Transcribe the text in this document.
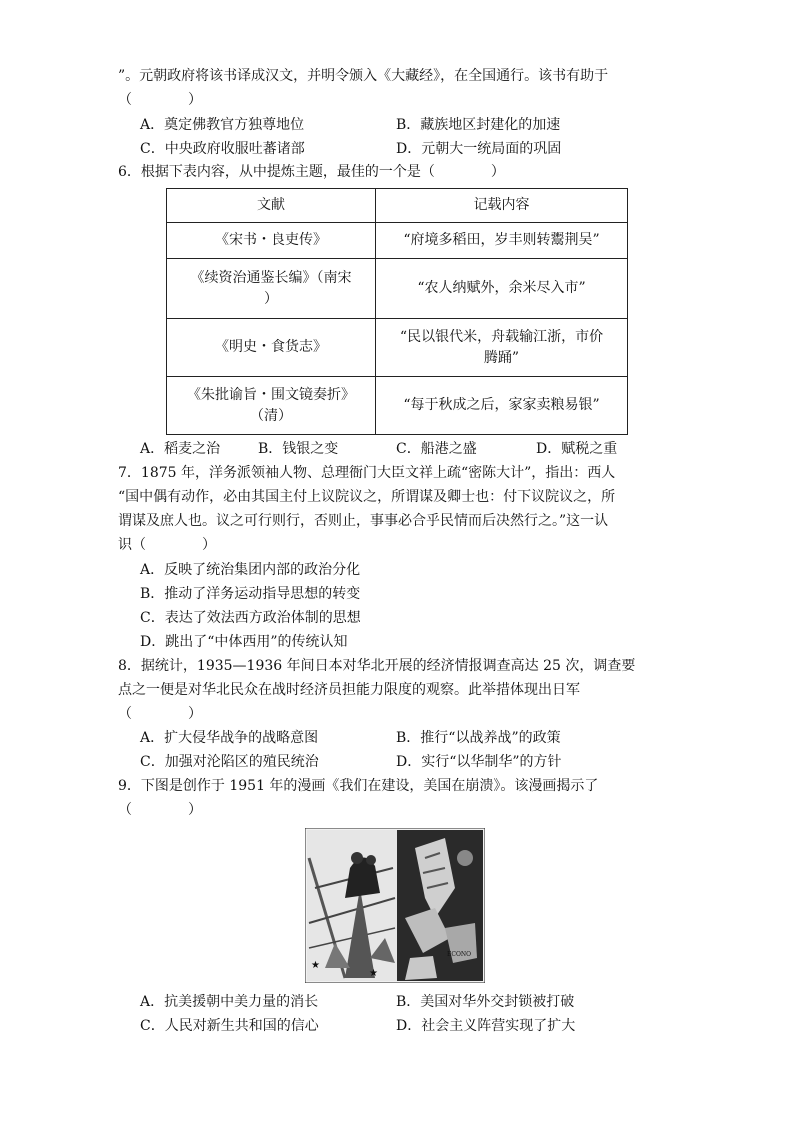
”。元朝政府将该书译成汉文，并明令颁入《大藏经》，在全国通行。该书有助于
（　　　　）
A．奠定佛教官方独尊地位	B．藏族地区封建化的加速
C．中央政府收服吐蕃诸部	D．元朝大一统局面的巩固
6．根据下表内容，从中提炼主题，最佳的一个是（　　　　）
文献	记载内容
《宋书・良吏传》	“府境多稻田，岁丰则转鬻荆吴”
《续资治通鉴长编》（南宋
）	“农人纳赋外，余米尽入市”
《明史・食货志》	“民以银代米，舟载输江浙，市价
腾踊”
《朱批谕旨・围文镜奏折》
（清）	“每于秋成之后，家家卖粮易银”
A．稻麦之治	B．钱银之变	C．船港之盛	D．赋税之重
7．1875 年，洋务派领袖人物、总理衙门大臣文祥上疏“密陈大计”，指出：西人
“国中偶有动作，必由其国主付上议院议之，所谓谋及卿士也：付下议院议之，所
谓谋及庶人也。议之可行则行，否则止，事事必合乎民情而后决然行之。”这一认
识（　　　　）
A．反映了统治集团内部的政治分化
B．推动了洋务运动指导思想的转变
C．表达了效法西方政治体制的思想
D．跳出了“中体西用”的传统认知
8．据统计，1935—1936 年间日本对华北开展的经济情报调查高达 25 次，调查要
点之一便是对华北民众在战时经济员担能力限度的观察。此举措体现出日军
（　　　　）
A．扩大侵华战争的战略意图	B．推行“以战养战”的政策
C．加强对沦陷区的殖民统治	D．实行“以华制华”的方针
9．下图是创作于 1951 年的漫画《我们在建设，美国在崩溃》。该漫画揭示了
（　　　　）
★
★
ECONO
A．抗美援朝中美力量的消长	B．美国对华外交封锁被打破
C．人民对新生共和国的信心	D．社会主义阵营实现了扩大
